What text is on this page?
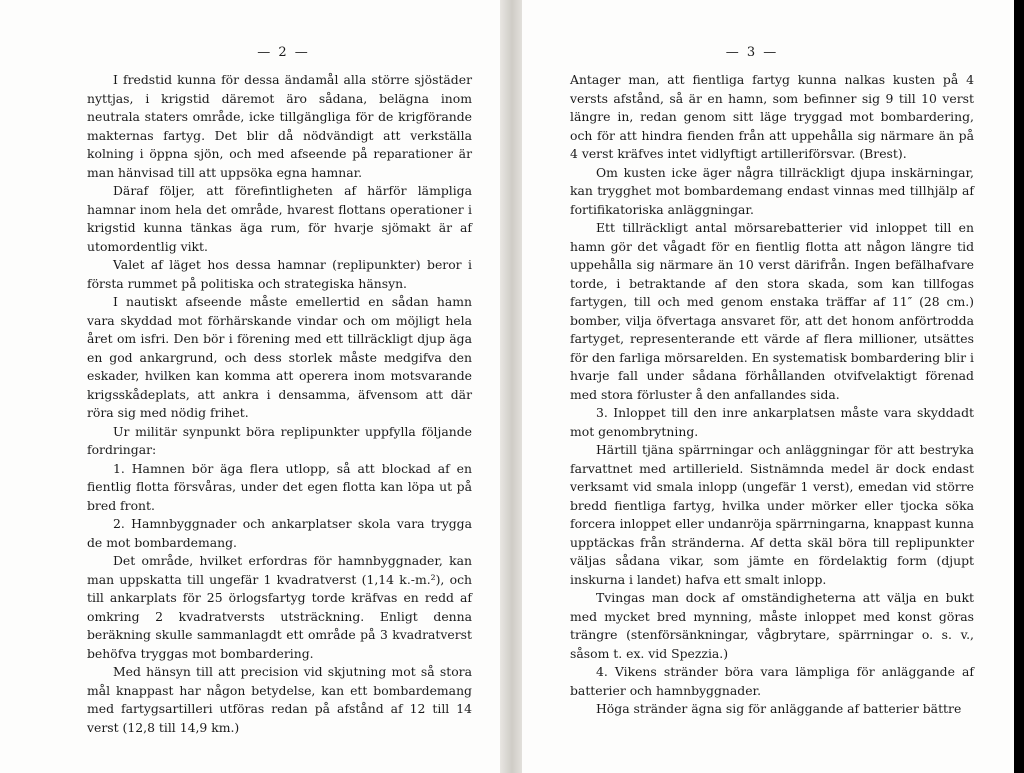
— 2 —

I fredstid kunna för dessa ändamål alla större sjöstäder nyttjas, i krigstid däremot äro sådana, belägna inom neutrala staters område, icke tillgängliga för de krigförande makternas fartyg. Det blir då nödvändigt att verkställa kolning i öppna sjön, och med afseende på reparationer är man hänvisad till att uppsöka egna hamnar.

Däraf följer, att förefintligheten af härför lämpliga hamnar inom hela det område, hvarest flottans operationer i krigstid kunna tänkas äga rum, för hvarje sjömakt är af utomordentlig vikt.

Valet af läget hos dessa hamnar (replipunkter) beror i första rummet på politiska och strategiska hänsyn.

I nautiskt afseende måste emellertid en sådan hamn vara skyddad mot förhärskande vindar och om möjligt hela året om isfri. Den bör i förening med ett tillräckligt djup äga en god ankargrund, och dess storlek måste medgifva den eskader, hvilken kan komma att operera inom motsvarande krigsskådeplats, att ankra i densamma, äfvensom att där röra sig med nödig frihet.

Ur militär synpunkt böra replipunkter uppfylla följande fordringar:

1. Hamnen bör äga flera utlopp, så att blockad af en fientlig flotta försvåras, under det egen flotta kan löpa ut på bred front.

2. Hamnbyggnader och ankarplatser skola vara trygga de mot bombardemang.

Det område, hvilket erfordras för hamnbyggnader, kan man uppskatta till ungefär 1 kvadratverst (1,14 k.-m.²), och till ankarplats för 25 örlogsfartyg torde kräfvas en redd af omkring 2 kvadratversts utsträckning. Enligt denna beräkning skulle sammanlagdt ett område på 3 kvadratverst behöfva tryggas mot bombardering.

Med hänsyn till att precision vid skjutning mot så stora mål knappast har någon betydelse, kan ett bombardemang med fartygsartilleri utföras redan på afstånd af 12 till 14 verst (12,8 till 14,9 km.)

— 3 —

Antager man, att fientliga fartyg kunna nalkas kusten på 4 versts afstånd, så är en hamn, som befinner sig 9 till 10 verst längre in, redan genom sitt läge tryggad mot bombardering, och för att hindra fienden från att uppehålla sig närmare än på 4 verst kräfves intet vidlyftigt artilleriförsvar. (Brest).

Om kusten icke äger några tillräckligt djupa inskärningar, kan trygghet mot bombardemang endast vinnas med tillhjälp af fortifikatoriska anläggningar.

Ett tillräckligt antal mörsarebatterier vid inloppet till en hamn gör det vågadt för en fientlig flotta att någon längre tid uppehålla sig närmare än 10 verst därifrån. Ingen befälhafvare torde, i betraktande af den stora skada, som kan tillfogas fartygen, till och med genom enstaka träffar af 11″ (28 cm.) bomber, vilja öfvertaga ansvaret för, att det honom anförtrodda fartyget, representerande ett värde af flera millioner, utsättes för den farliga mörsarelden. En systematisk bombardering blir i hvarje fall under sådana förhållanden otvifvelaktigt förenad med stora förluster å den anfallandes sida.

3. Inloppet till den inre ankarplatsen måste vara skyddadt mot genombrytning.

Härtill tjäna spärrningar och anläggningar för att bestryka farvattnet med artillerield. Sistnämnda medel är dock endast verksamt vid smala inlopp (ungefär 1 verst), emedan vid större bredd fientliga fartyg, hvilka under mörker eller tjocka söka forcera inloppet eller undanröja spärrningarna, knappast kunna upptäckas från stränderna. Af detta skäl böra till replipunkter väljas sådana vikar, som jämte en fördelaktig form (djupt inskurna i landet) hafva ett smalt inlopp.

Tvingas man dock af omständigheterna att välja en bukt med mycket bred mynning, måste inloppet med konst göras trängre (stenförsänkningar, vågbrytare, spärrningar o. s. v., såsom t. ex. vid Spezzia.)

4. Vikens stränder böra vara lämpliga för anläggande af batterier och hamnbyggnader.

Höga stränder ägna sig för anläggande af batterier bättre
